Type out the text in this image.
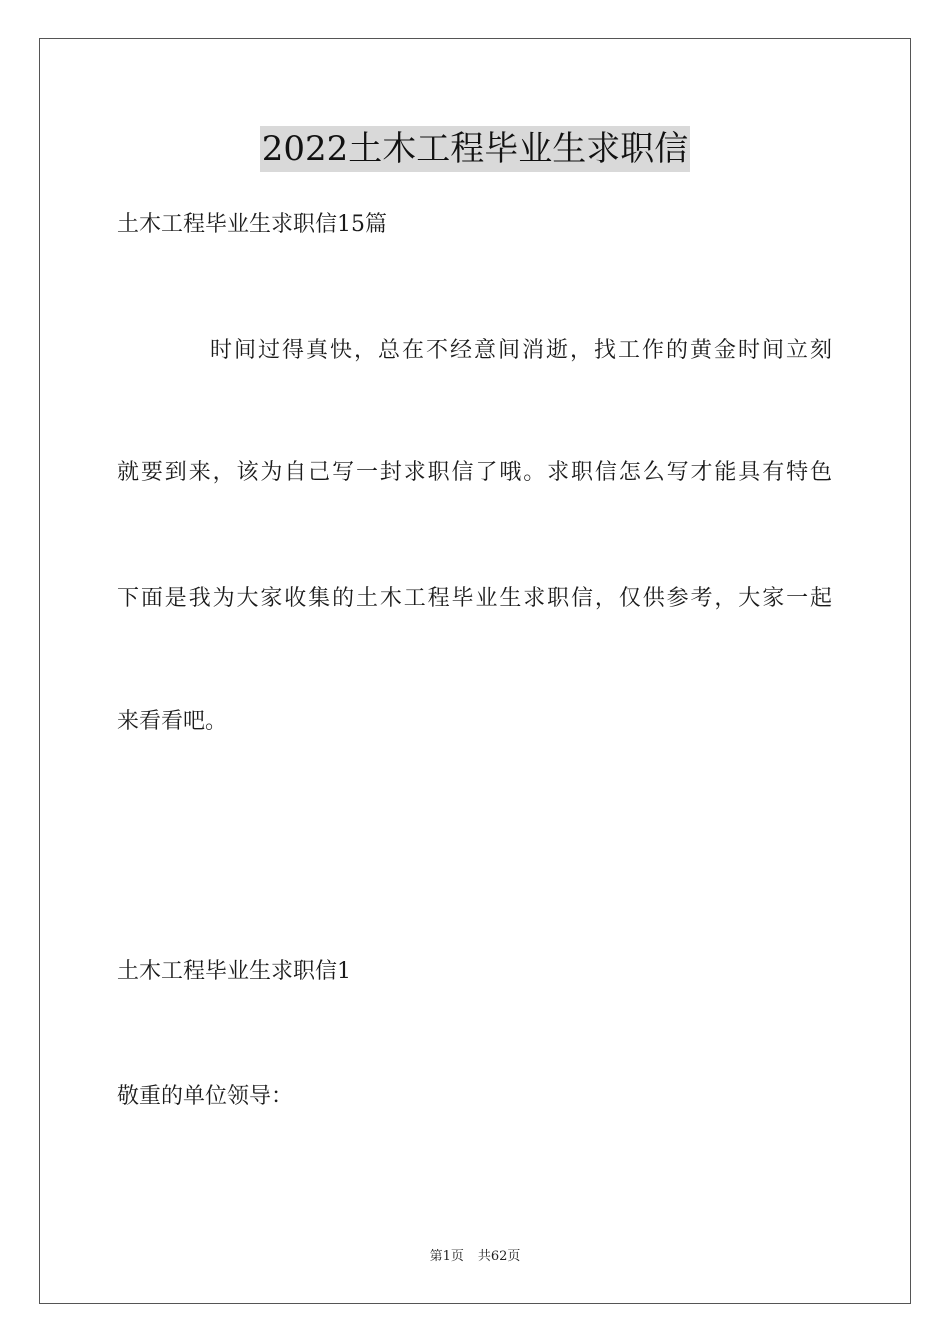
2022土木工程毕业生求职信
土木工程毕业生求职信15篇
时间过得真快，总在不经意间消逝，找工作的黄金时间立刻
就要到来，该为自己写一封求职信了哦。求职信怎么写才能具有特色
下面是我为大家收集的土木工程毕业生求职信，仅供参考，大家一起
来看看吧。
土木工程毕业生求职信1
敬重的单位领导：
第1页 共62页
